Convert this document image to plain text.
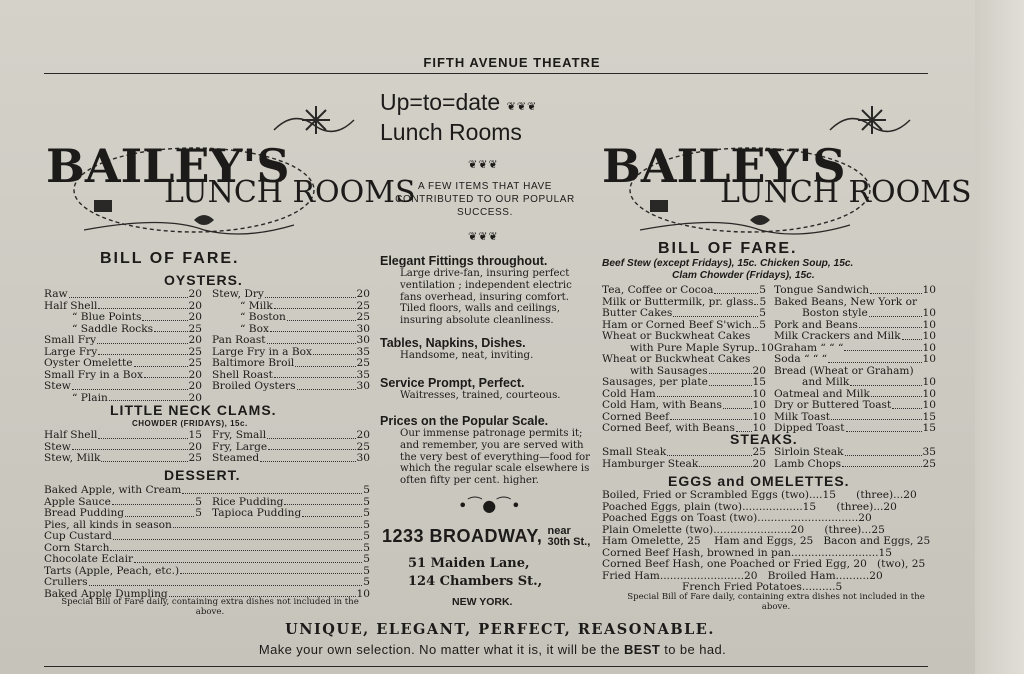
FIFTH AVENUE THEATRE
BAILEY'S
LUNCH ROOMS	BAILEY'S
LUNCH ROOMS
BILL OF FARE.
OYSTERS.
Raw	20
Half Shell	20
“ Blue Points	20
“ Saddle Rocks	25
Small Fry	20
Large Fry	25
Oyster Omelette	25
Small Fry in a Box	20
Stew	20
“ Plain	20
Stew, Dry	20
“ Milk	25
“ Boston	25
“ Box	30
Pan Roast	30
Large Fry in a Box	35
Baltimore Broil	25
Shell Roast	35
Broiled Oysters	30
LITTLE NECK CLAMS.
CHOWDER (FRIDAYS), 15c.
Half Shell	15
Stew	20
Stew, Milk	25
Fry, Small	20
Fry, Large	25
Steamed	30
DESSERT.
Baked Apple, with Cream	5
Apple Sauce	5
Bread Pudding	5
Rice Pudding	5
Tapioca Pudding	5
Pies, all kinds in season	5
Cup Custard	5
Corn Starch	5
Chocolate Eclair	5
Tarts (Apple, Peach, etc.)	5
Crullers	5
Baked Apple Dumpling	10
Special Bill of Fare daily, containing extra dishes not included in the above.
Up=to=date ❦❦❦
Lunch Rooms
❦❦❦
A FEW ITEMS THAT HAVE CONTRIBUTED TO OUR POPULAR SUCCESS.
❦❦❦
Elegant Fittings throughout.
Large drive-fan, insuring perfect ventilation ; independent electric fans overhead, insuring comfort. Tiled floors, walls and ceilings, insuring absolute cleanliness.
Tables, Napkins, Dishes.
Handsome, neat, inviting.
Service Prompt, Perfect.
Waitresses, trained, courteous.
Prices on the Popular Scale.
Our immense patronage permits it; and remember, you are served with the very best of everything—food for which the regular scale elsewhere is often fifty per cent. higher.
•⁀●⁀•
1233 BROADWAY, near
30th St.,
51 Maiden Lane,
124 Chambers St.,
NEW YORK.
BILL OF FARE.
Beef Stew (except Fridays), 15c. Chicken Soup, 15c.
Clam Chowder (Fridays), 15c.
Tea, Coffee or Cocoa	5
Milk or Buttermilk, pr. glass 5
Butter Cakes	5
Ham or Corned Beef S'wich 5
Wheat or Buckwheat Cakes
with Pure Maple Syrup 10
Wheat or Buckwheat Cakes
with Sausages	20
Sausages, per plate	15
Cold Ham	10
Cold Ham, with Beans	10
Corned Beef	10
Corned Beef, with Beans 10
Tongue Sandwich	10
Baked Beans, New York or
Boston style	10
Pork and Beans	10
Milk Crackers and Milk 10
Graham “ “ “	10
Soda “ “ “	10
Bread (Wheat or Graham)
and Milk	10
Oatmeal and Milk	10
Dry or Buttered Toast	10
Milk Toast	15
Dipped Toast	15
STEAKS.
Small Steak	25
Hamburger Steak	20
Sirloin Steak	35
Lamb Chops	25
EGGS and OMELETTES.
Boiled, Fried or Scrambled Eggs (two)....15      (three)...20
Poached Eggs, plain (two)..................15      (three)...20
Poached Eggs on Toast (two)..............................20
Plain Omelette (two).......................20      (three)...25
Ham Omelette, 25    Ham and Eggs, 25   Bacon and Eggs, 25
Corned Beef Hash, browned in pan..........................15
Corned Beef Hash, one Poached or Fried Egg, 20   (two), 25
Fried Ham.........................20   Broiled Ham..........20
French Fried Potatoes..........5
Special Bill of Fare daily, containing extra dishes not included in the above.
UNIQUE, ELEGANT, PERFECT, REASONABLE.
Make your own selection. No matter what it is, it will be the BEST to be had.
